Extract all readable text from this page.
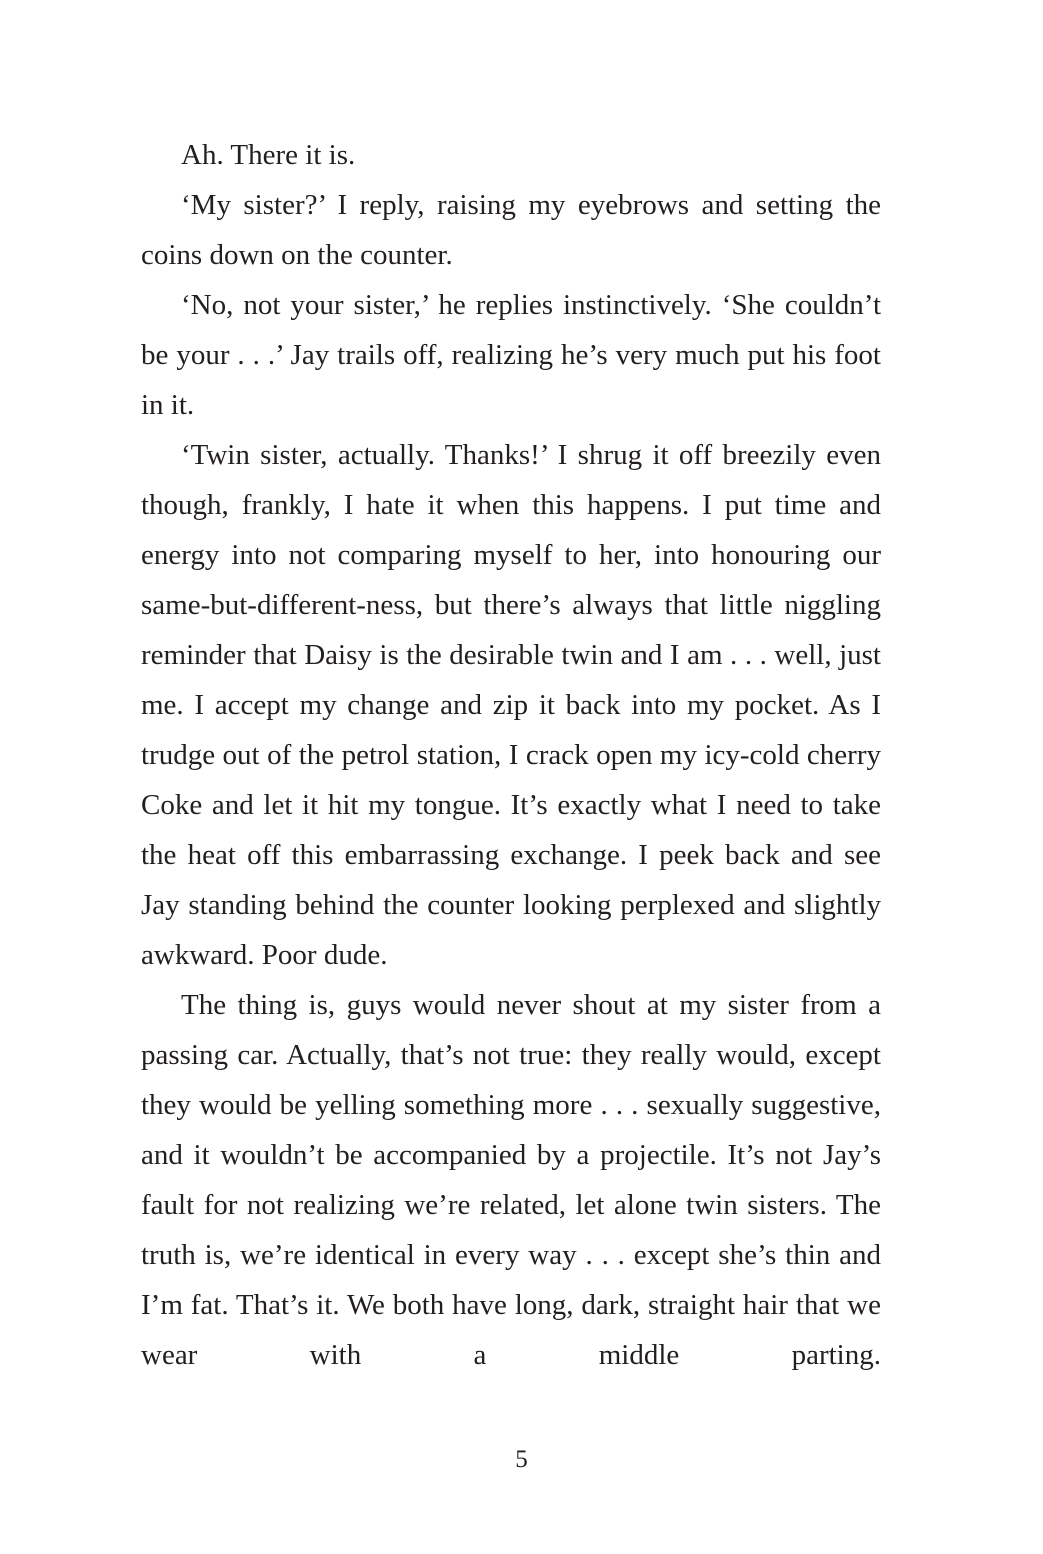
Ah. There it is.

‘My sister?’ I reply, raising my eyebrows and setting the coins down on the counter.

‘No, not your sister,’ he replies instinctively. ‘She couldn’t be your . . .’ Jay trails off, realizing he’s very much put his foot in it.

‘Twin sister, actually. Thanks!’ I shrug it off breezily even though, frankly, I hate it when this happens. I put time and energy into not comparing myself to her, into honouring our same-but-different-ness, but there’s always that little niggling reminder that Daisy is the desirable twin and I am . . . well, just me. I accept my change and zip it back into my pocket. As I trudge out of the petrol station, I crack open my icy-cold cherry Coke and let it hit my tongue. It’s exactly what I need to take the heat off this embarrassing exchange. I peek back and see Jay standing behind the counter looking perplexed and slightly awkward. Poor dude.

The thing is, guys would never shout at my sister from a passing car. Actually, that’s not true: they really would, except they would be yelling something more . . . sexually suggestive, and it wouldn’t be accompanied by a projectile. It’s not Jay’s fault for not realizing we’re related, let alone twin sisters. The truth is, we’re identical in every way . . . except she’s thin and I’m fat. That’s it. We both have long, dark, straight hair that we wear with a middle parting.

5
